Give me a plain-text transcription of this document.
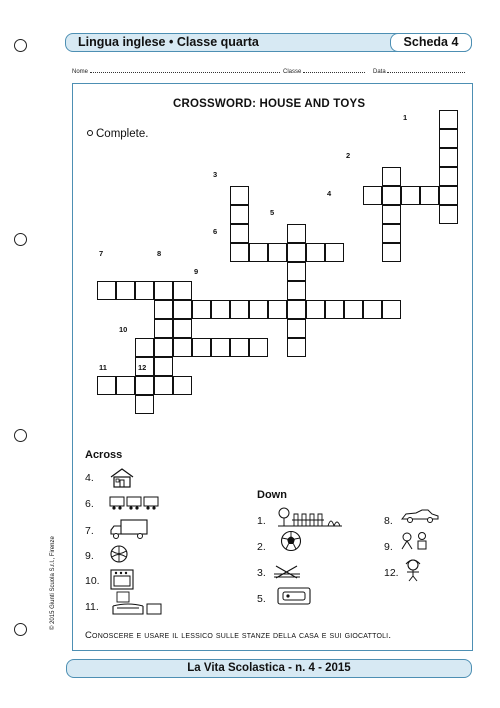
Lingua inglese • Classe quarta	Scheda 4
Nome	Classe	Data
CROSSWORD: HOUSE AND TOYS
Complete.
1
2
3
4
5
6
7	8
9
10
11	12
Across
4.
6.
7.
9.
10.
11.
Down
1.
2.
3.
5.
8.
9.
12.
Conoscere e usare il lessico sulle stanze della casa e sui giocattoli.
© 2015 Giunti Scuola S.r.l., Firenze
La Vita Scolastica - n. 4 - 2015
